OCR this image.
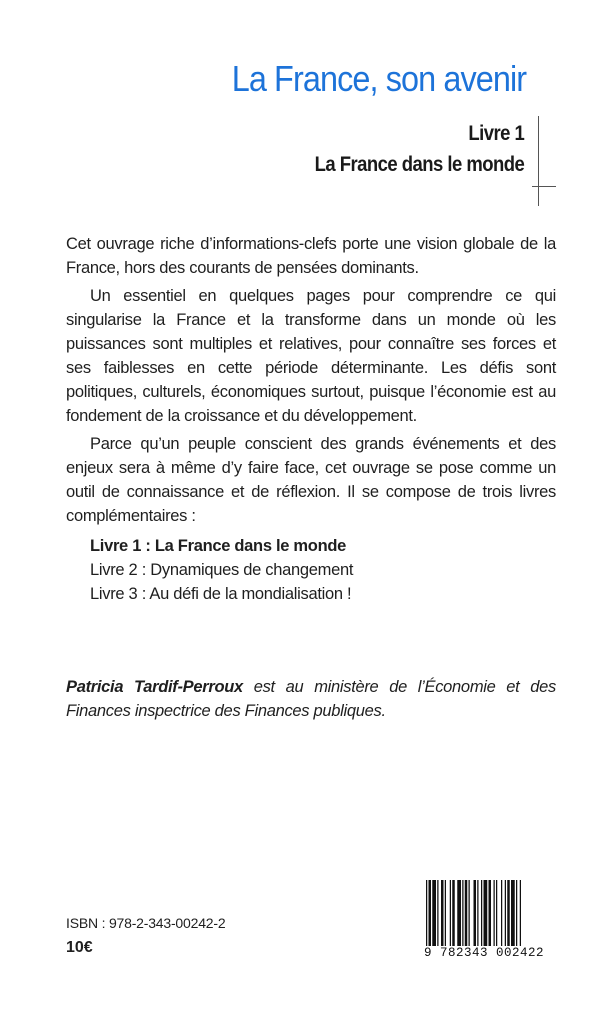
La France, son avenir
Livre 1
La France dans le monde

Cet ouvrage riche d’informations-clefs porte une vision globale de la France, hors des courants de pensées dominants.

Un essentiel en quelques pages pour comprendre ce qui singularise la France et la transforme dans un monde où les puissances sont multiples et relatives, pour connaître ses forces et ses faiblesses en cette période déterminante. Les défis sont politiques, culturels, économiques surtout, puisque l’économie est au fondement de la croissance et du développement.

Parce qu’un peuple conscient des grands événements et des enjeux sera à même d’y faire face, cet ouvrage se pose comme un outil de connaissance et de réflexion. Il se compose de trois livres complémentaires :

Livre 1 : La France dans le monde
Livre 2 : Dynamiques de changement
Livre 3 : Au défi de la mondialisation !
Patricia Tardif-Perroux est au ministère de l’Économie et des Finances inspectrice des Finances publiques.
ISBN : 978-2-343-00242-2
10€	9 782343 002422
